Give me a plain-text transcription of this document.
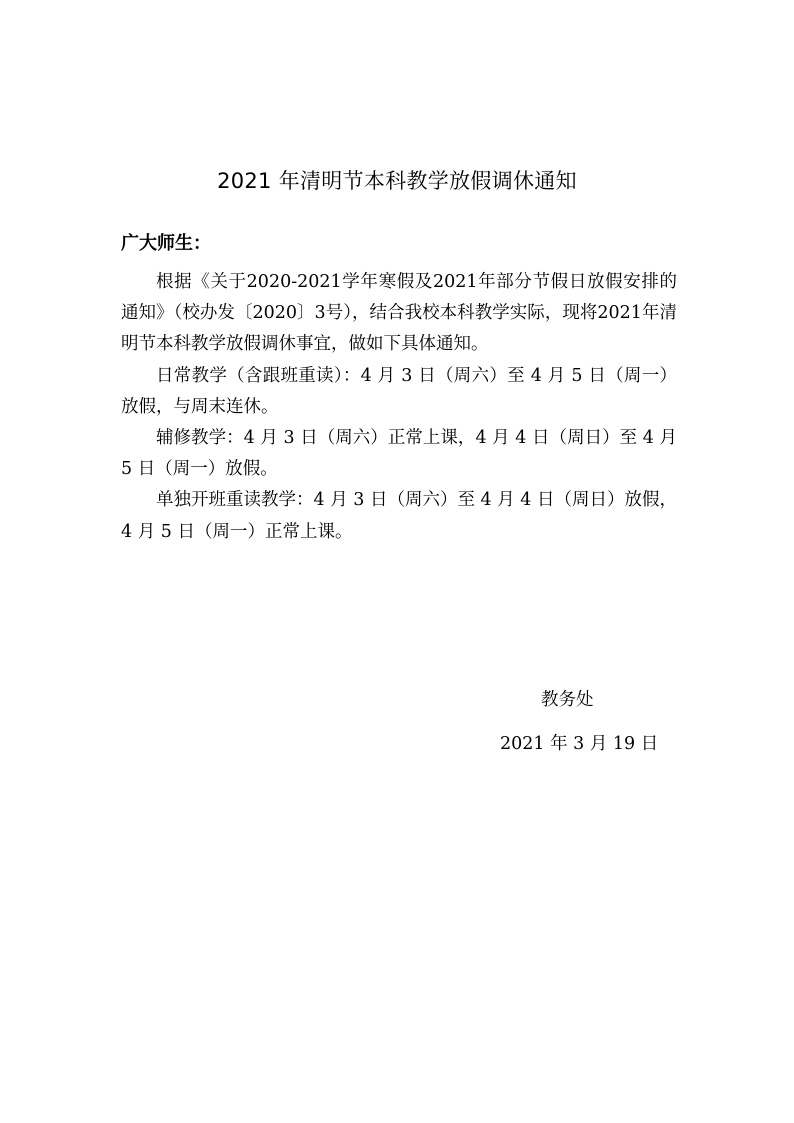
2021 年清明节本科教学放假调休通知
广大师生：

根据《关于2020-2021学年寒假及2021年部分节假日放假安排的通知》（校办发〔2020〕3号），结合我校本科教学实际，现将2021年清明节本科教学放假调休事宜，做如下具体通知。

日常教学（含跟班重读）：4 月 3 日（周六）至 4 月 5 日（周一）放假，与周末连休。

辅修教学：4 月 3 日（周六）正常上课，4 月 4 日（周日）至 4 月 5 日（周一）放假。

单独开班重读教学：4 月 3 日（周六）至 4 月 4 日（周日）放假，4 月 5 日（周一）正常上课。

教务处
2021 年 3 月 19 日
